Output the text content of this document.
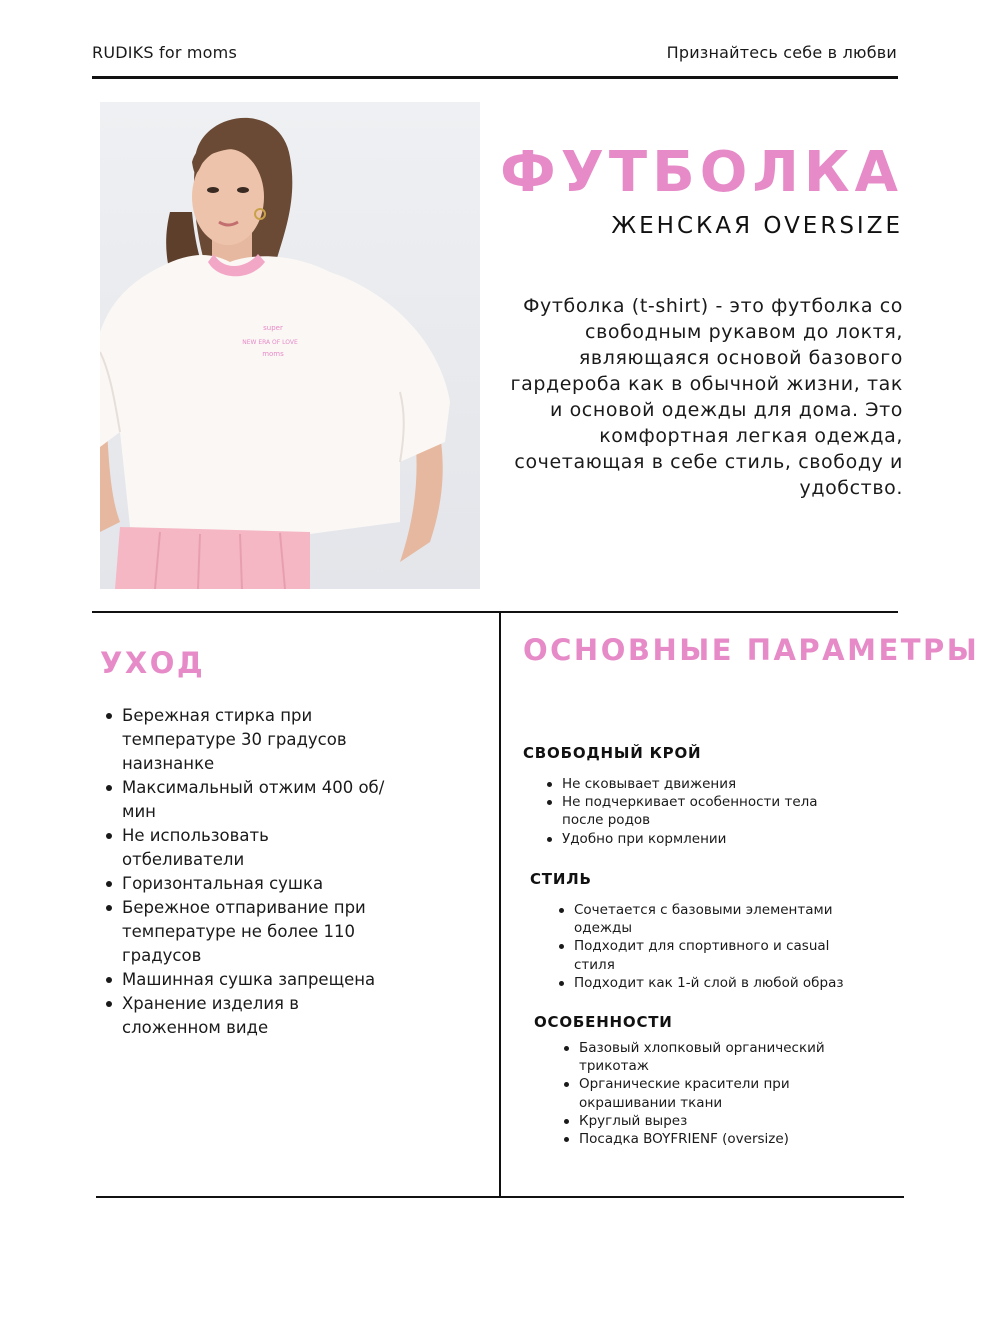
RUDIKS for moms	Признайтесь себе в любви
super
NEW ERA OF LOVE
moms
ФУТБОЛКА
ЖЕНСКАЯ OVERSIZE
Футболка (t-shirt) - это футболка со свободным рукавом до локтя, являющаяся основой базового гардероба как в обычной жизни, так и основой одежды для дома. Это комфортная легкая одежда, сочетающая в себе стиль, свободу и удобство.
УХОД
Бережная стирка при температуре 30 градусов наизнанке
Максимальный отжим 400 об/мин
Не использовать отбеливатели
Горизонтальная сушка
Бережное отпаривание при температуре не более 110 градусов
Машинная сушка запрещена
Хранение изделия в сложенном виде
ОСНОВНЫЕ ПАРАМЕТРЫ
СВОБОДНЫЙ КРОЙ
Не сковывает движения
Не подчеркивает особенности тела после родов
Удобно при кормлении
СТИЛЬ
Сочетается с базовыми элементами одежды
Подходит для спортивного и casual стиля
Подходит как 1-й слой в любой образ
ОСОБЕННОСТИ
Базовый хлопковый органический трикотаж
Органические красители при окрашивании ткани
Круглый вырез
Посадка BOYFRIENF (oversize)
